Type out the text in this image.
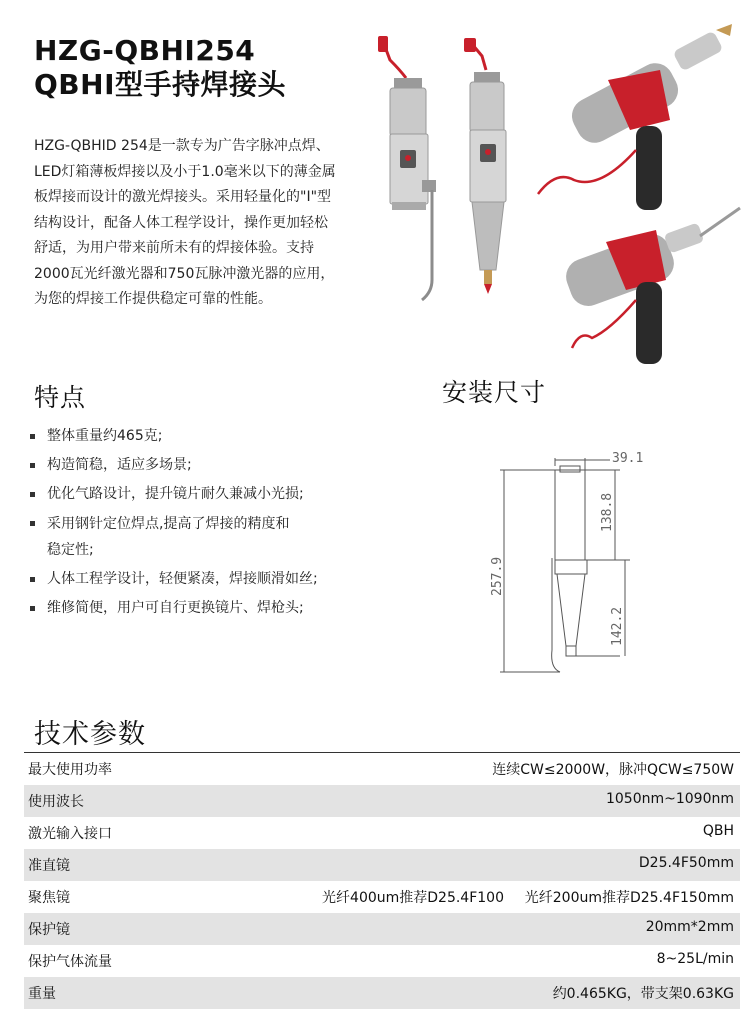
HZG-QBHI254
QBHI型手持焊接头
HZG-QBHID 254是一款专为广告字脉冲点焊、
LED灯箱薄板焊接以及小于1.0毫米以下的薄金属
板焊接而设计的激光焊接头。采用轻量化的"I"型
结构设计，配备人体工程学设计，操作更加轻松
舒适，为用户带来前所未有的焊接体验。支持
2000瓦光纤激光器和750瓦脉冲激光器的应用，
为您的焊接工作提供稳定可靠的性能。
特点
整体重量约465克;
构造简稳，适应多场景;
优化气路设计，提升镜片耐久兼减小光损;
采用钢针定位焊点,提高了焊接的精度和
稳定性;
人体工程学设计，轻便紧凑，焊接顺滑如丝;
维修简便，用户可自行更换镜片、焊枪头;
安装尺寸
39.1
138.8
257.9
142.2
技术参数
最大使用功率	连续CW≤2000W，脉冲QCW≤750W
使用波长	1050nm~1090nm
激光输入接口	QBH
准直镜	D25.4F50mm
聚焦镜	光纤400um推荐D25.4F100 光纤200um推荐D25.4F150mm
保护镜	20mm*2mm
保护气体流量	8~25L/min
重量	约0.465KG，带支架0.63KG
